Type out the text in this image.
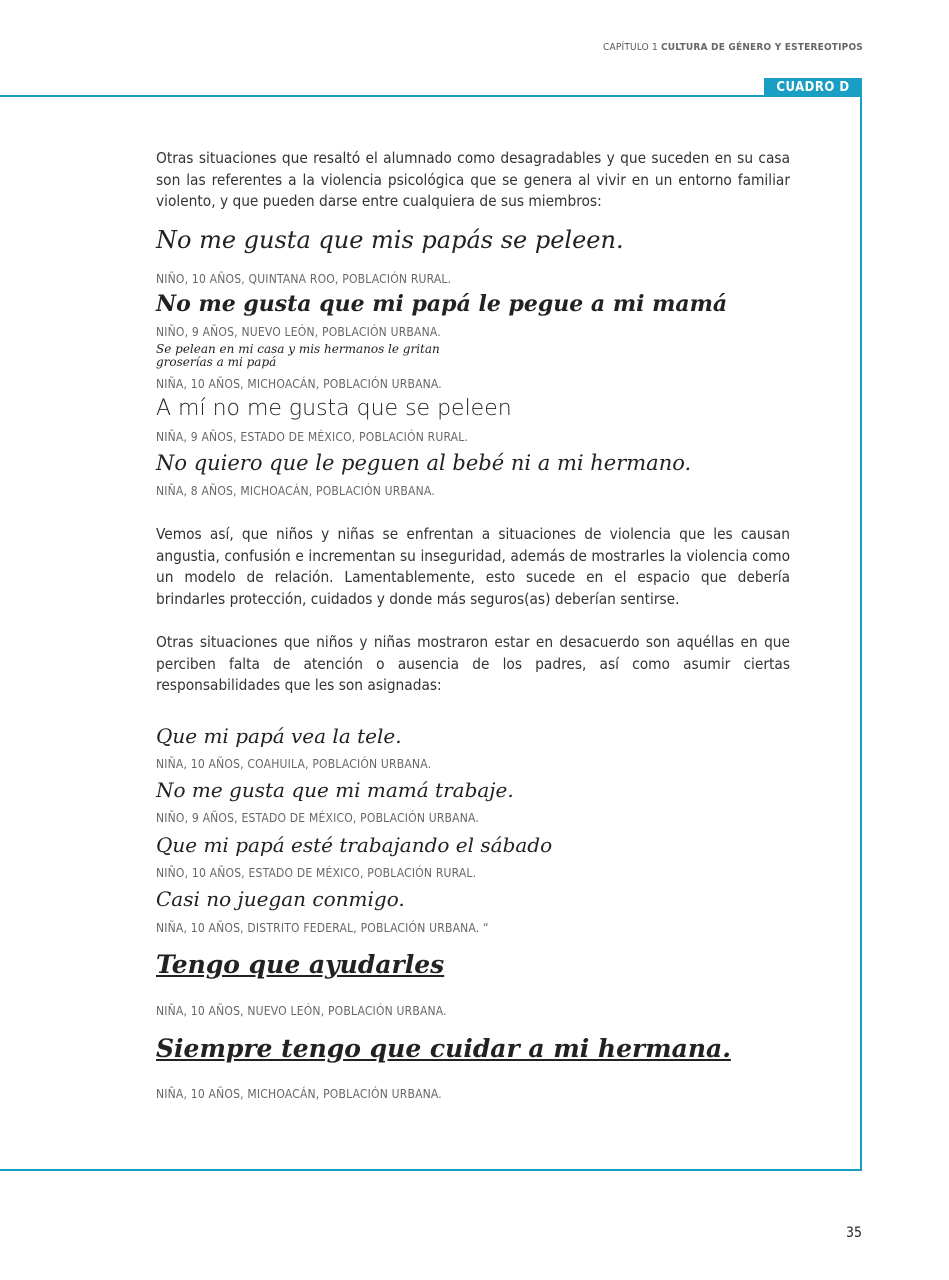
CAPÍTULO 1 CULTURA DE GÉNERO Y ESTEREOTIPOS
CUADRO D
Otras situaciones que resaltó el alumnado como desagradables y que suceden en su casa son las referentes a la violencia psicológica que se genera al vivir en un entorno familiar violento, y que pueden darse entre cualquiera de sus miembros:
No me gusta que mis papás se peleen.
NIÑO, 10 AÑOS, QUINTANA ROO, POBLACIÓN RURAL.
No me gusta que mi papá le pegue a mi mamá
NIÑO, 9 AÑOS, NUEVO LEÓN, POBLACIÓN URBANA.
Se pelean en mi casa y mis hermanos le gritan groserías a mi papá
NIÑA, 10 AÑOS, MICHOACÁN, POBLACIÓN URBANA.
A mí no me gusta que se peleen
NIÑA, 9 AÑOS, ESTADO DE MÉXICO, POBLACIÓN RURAL.
No quiero que le peguen al bebé ni a mi hermano.
NIÑA, 8 AÑOS, MICHOACÁN, POBLACIÓN URBANA.
Vemos así, que niños y niñas se enfrentan a situaciones de violencia que les causan angustia, confusión e incrementan su inseguridad, además de mostrarles la violencia como un modelo de relación. Lamentablemente, esto sucede en el espacio que debería brindarles protección, cuidados y donde más seguros(as) deberían sentirse.
Otras situaciones que niños y niñas mostraron estar en desacuerdo son aquéllas en que perciben falta de atención o ausencia de los padres, así como asumir ciertas responsabilidades que les son asignadas:
Que mi papá vea la tele.
NIÑA, 10 AÑOS, COAHUILA, POBLACIÓN URBANA.
No me gusta que mi mamá trabaje.
NIÑO, 9 AÑOS, ESTADO DE MÉXICO, POBLACIÓN URBANA.
Que mi papá esté trabajando el sábado
NIÑO, 10 AÑOS, ESTADO DE MÉXICO, POBLACIÓN RURAL.
Casi no juegan conmigo.
NIÑA, 10 AÑOS, DISTRITO FEDERAL, POBLACIÓN URBANA. “
Tengo que ayudarles
NIÑA, 10 AÑOS, NUEVO LEÓN, POBLACIÓN URBANA.
Siempre tengo que cuidar a mi hermana.
NIÑA, 10 AÑOS, MICHOACÁN, POBLACIÓN URBANA.
35
